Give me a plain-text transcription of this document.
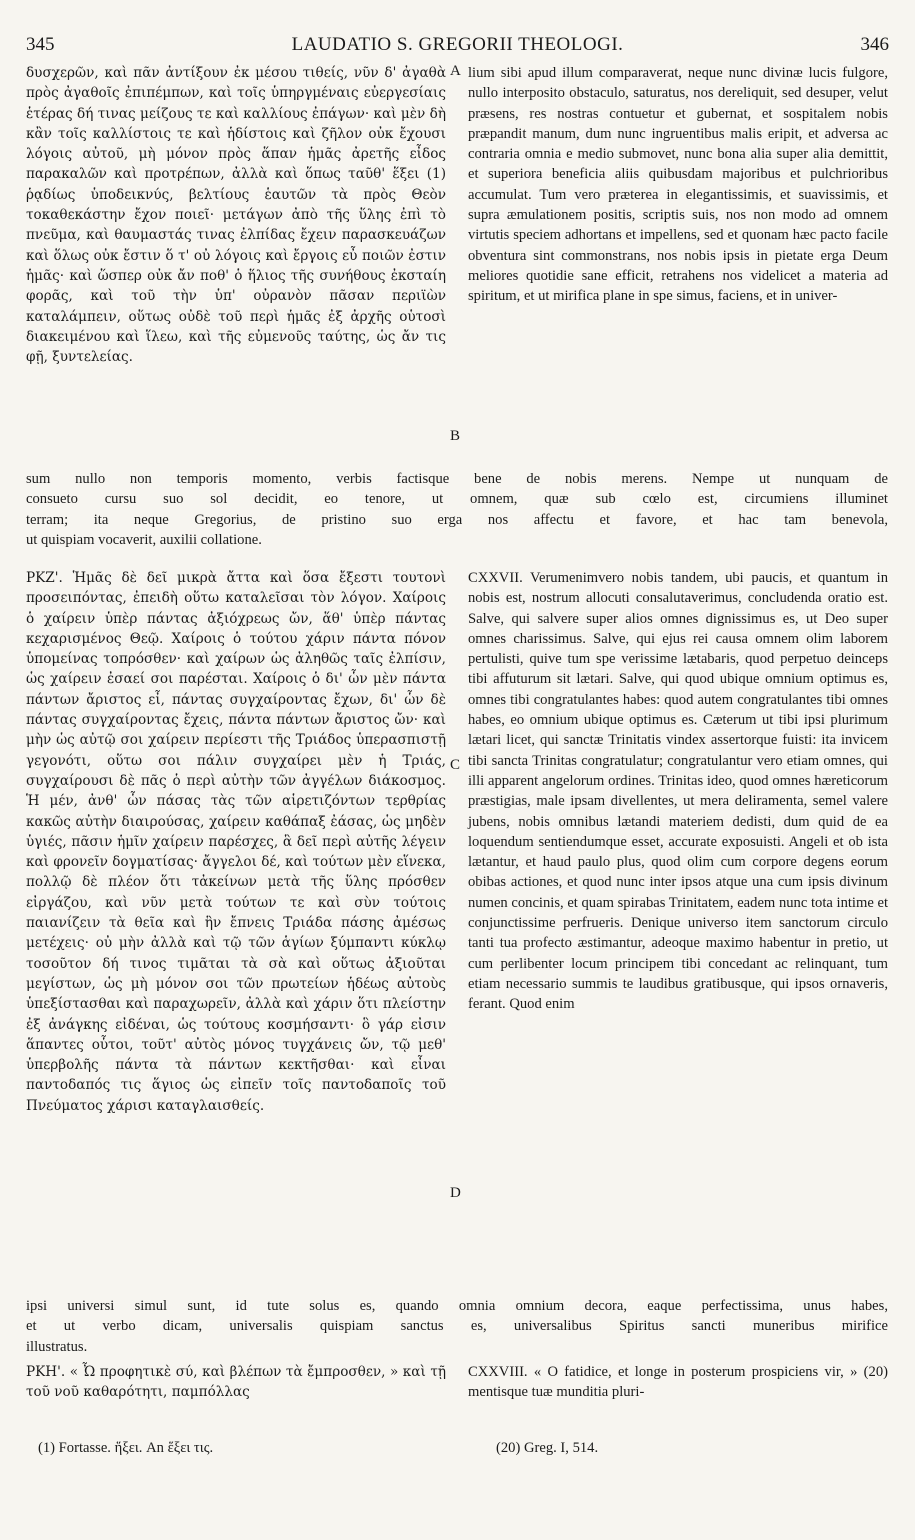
345	LAUDATIO S. GREGORII THEOLOGI.	346

δυσχερῶν, καὶ πᾶν ἀντίξουν ἐκ μέσου τιθείς, νῦν δ' ἀγαθὰ πρὸς ἀγαθοῖς ἐπιπέμπων, καὶ τοῖς ὑπηργμέναις εὐεργεσίαις ἑτέρας δή τινας μείζους τε καὶ καλλίους ἐπάγων· καὶ μὲν δὴ κἂν τοῖς καλλίστοις τε καὶ ἡδίστοις καὶ ζῆλον οὐκ ἔχουσι λόγοις αὐτοῦ, μὴ μόνον πρὸς ἅπαν ἡμᾶς ἀρετῆς εἶδος παρακαλῶν καὶ προτρέπων, ἀλλὰ καὶ ὅπως ταῦθ' ἕξει (1) ῥᾳδίως ὑποδεικνύς, βελτίους ἑαυτῶν τὰ πρὸς Θεὸν τοκαθεκάστην ἔχον ποιεῖ· μετάγων ἀπὸ τῆς ὕλης ἐπὶ τὸ πνεῦμα, καὶ θαυμαστάς τινας ἐλπίδας ἔχειν παρασκευάζων καὶ ὅλως οὐκ ἔστιν ὅ τ' οὐ λόγοις καὶ ἔργοις εὖ ποιῶν ἐστιν ἡμᾶς· καὶ ὥσπερ οὐκ ἄν ποθ' ὁ ἥλιος τῆς συνήθους ἐκσταίη φορᾶς, καὶ τοῦ τὴν ὑπ' οὐρανὸν πᾶσαν περιϊὼν καταλάμπειν, οὕτως οὐδὲ τοῦ περὶ ἡμᾶς ἐξ ἀρχῆς οὑτοσὶ διακειμένου καὶ ἵλεω, καὶ τῆς εὐμενοῦς ταύτης, ὡς ἄν τις φῇ, ξυντελείας.

lium sibi apud illum comparaverat, neque nunc divinæ lucis fulgore, nullo interposito obstaculo, saturatus, nos dereliquit, sed desuper, velut præsens, res nostras contuetur et gubernat, et sospitalem nobis præpandit manum, dum nunc ingruentibus malis eripit, et adversa ac contraria omnia e medio submovet, nunc bona alia super alia demittit, et superiora beneficia aliis quibusdam majoribus et pulchrioribus accumulat. Tum vero præterea in elegantissimis, et suavissimis, et supra æmulationem positis, scriptis suis, nos non modo ad omnem virtutis speciem adhortans et impellens, sed et quonam hæc pacto facile obventura sint commonstrans, nos nobis ipsis in pietate erga Deum meliores quotidie sane efficit, retrahens nos videlicet a materia ad spiritum, et ut mirifica plane in spe simus, faciens, et in univer-

sum nullo non temporis momento, verbis factisque bene de nobis merens. Nempe ut nunquam de
consueto cursu suo sol decidit, eo tenore, ut omnem, quæ sub cœlo est, circumiens illuminet
terram; ita neque Gregorius, de pristino suo erga nos affectu et favore, et hac tam benevola,
ut quispiam vocaverit, auxilii collatione.

ΡΚΖ'. Ἡμᾶς δὲ δεῖ μικρὰ ἄττα καὶ ὅσα ἔξεστι τουτονὶ προσειπόντας, ἐπειδὴ οὕτω καταλεῖσαι τὸν λόγον. Χαίροις ὁ χαίρειν ὑπὲρ πάντας ἀξιόχρεως ὤν, ἅθ' ὑπὲρ πάντας κεχαρισμένος Θεῷ. Χαίροις ὁ τούτου χάριν πάντα πόνον ὑπομείνας τοπρόσθεν· καὶ χαίρων ὡς ἀληθῶς ταῖς ἐλπίσιν, ὡς χαίρειν ἐσαεί σοι παρέσται. Χαίροις ὁ δι' ὧν μὲν πάντα πάντων ἄριστος εἶ, πάντας συγχαίροντας ἔχων, δι' ὧν δὲ πάντας συγχαίροντας ἔχεις, πάντα πάντων ἄριστος ὤν· καὶ μὴν ὡς αὐτῷ σοι χαίρειν περίεστι τῆς Τριάδος ὑπερασπιστῇ γεγονότι, οὕτω σοι πάλιν συγχαίρει μὲν ἡ Τριάς, συγχαίρουσι δὲ πᾶς ὁ περὶ αὐτὴν τῶν ἀγγέλων διάκοσμος. Ἡ μέν, ἀνθ' ὧν πάσας τὰς τῶν αἱρετιζόντων τερθρίας κακῶς αὐτὴν διαιρούσας, χαίρειν καθάπαξ ἐάσας, ὡς μηδὲν ὑγιές, πᾶσιν ἡμῖν χαίρειν παρέσχες, ἃ δεῖ περὶ αὐτῆς λέγειν καὶ φρονεῖν δογματίσας· ἄγγελοι δέ, καὶ τούτων μὲν εἵνεκα, πολλῷ δὲ πλέον ὅτι τἀκείνων μετὰ τῆς ὕλης πρόσθεν εἰργάζου, καὶ νῦν μετὰ τούτων τε καὶ σὺν τούτοις παιανίζειν τὰ θεῖα καὶ ἣν ἔπνεις Τριάδα πάσης ἀμέσως μετέχεις· οὐ μὴν ἀλλὰ καὶ τῷ τῶν ἁγίων ξύμπαντι κύκλῳ τοσοῦτον δή τινος τιμᾶται τὰ σὰ καὶ οὕτως ἀξιοῦται μεγίστων, ὡς μὴ μόνον σοι τῶν πρωτείων ἡδέως αὐτοὺς ὑπεξίστασθαι καὶ παραχωρεῖν, ἀλλὰ καὶ χάριν ὅτι πλείστην ἐξ ἀνάγκης εἰδέναι, ὡς τούτους κοσμήσαντι· ὃ γάρ εἰσιν ἅπαντες οὗτοι, τοῦτ' αὐτὸς μόνος τυγχάνεις ὤν, τῷ μεθ' ὑπερβολῆς πάντα τὰ πάντων κεκτῆσθαι· καὶ εἶναι παντοδαπός τις ἅγιος ὡς εἰπεῖν τοῖς παντοδαποῖς τοῦ Πνεύματος χάρισι καταγλαισθείς.

CXXVII. Verumenimvero nobis tandem, ubi paucis, et quantum in nobis est, nostrum allocuti consalutaverimus, concludenda oratio est. Salve, qui salvere super alios omnes dignissimus es, ut Deo super omnes charissimus. Salve, qui ejus rei causa omnem olim laborem pertulisti, quive tum spe verissime lætabaris, quod perpetuo deinceps tibi affuturum sit lætari. Salve, qui quod ubique omnium optimus es, omnes tibi congratulantes habes: quod autem congratulantes tibi omnes habes, eo omnium ubique optimus es. Cæterum ut tibi ipsi plurimum lætari licet, qui sanctæ Trinitatis vindex assertorque fuisti: ita invicem tibi sancta Trinitas congratulatur; congratulantur vero etiam omnes, qui illi apparent angelorum ordines. Trinitas ideo, quod omnes hæreticorum præstigias, male ipsam divellentes, ut mera deliramenta, semel valere jubens, nobis omnibus lætandi materiem dedisti, dum quid de ea loquendum sentiendumque esset, accurate exposuisti. Angeli et ob ista lætantur, et haud paulo plus, quod olim cum corpore degens eorum obibas actiones, et quod nunc inter ipsos atque una cum ipsis divinum numen concinis, et quam spirabas Trinitatem, eadem nunc tota intime et conjunctissime perfrueris. Denique universo item sanctorum circulo tanti tua profecto æstimantur, adeoque maximo habentur in pretio, ut cum perlibenter locum principem tibi concedant ac relinquant, tum etiam necessario summis te laudibus gratibusque, qui ipsos ornaveris, ferant. Quod enim

ipsi universi simul sunt, id tute solus es, quando omnia omnium decora, eaque perfectissima, unus habes,
et ut verbo dicam, universalis quispiam sanctus es, universalibus Spiritus sancti muneribus mirifice
illustratus.

ΡΚΗ'. « Ὦ προφητικὲ σύ, καὶ βλέπων τὰ ἔμπροσθεν, » καὶ τῇ τοῦ νοῦ καθαρότητι, παμπόλλας

CXXVIII. « O fatidice, et longe in posterum prospiciens vir, » (20) mentisque tuæ munditia pluri-

A
B
C
D
(1) Fortasse. ἥξει. An ἕξει τις.	(20) Greg. I, 514.
